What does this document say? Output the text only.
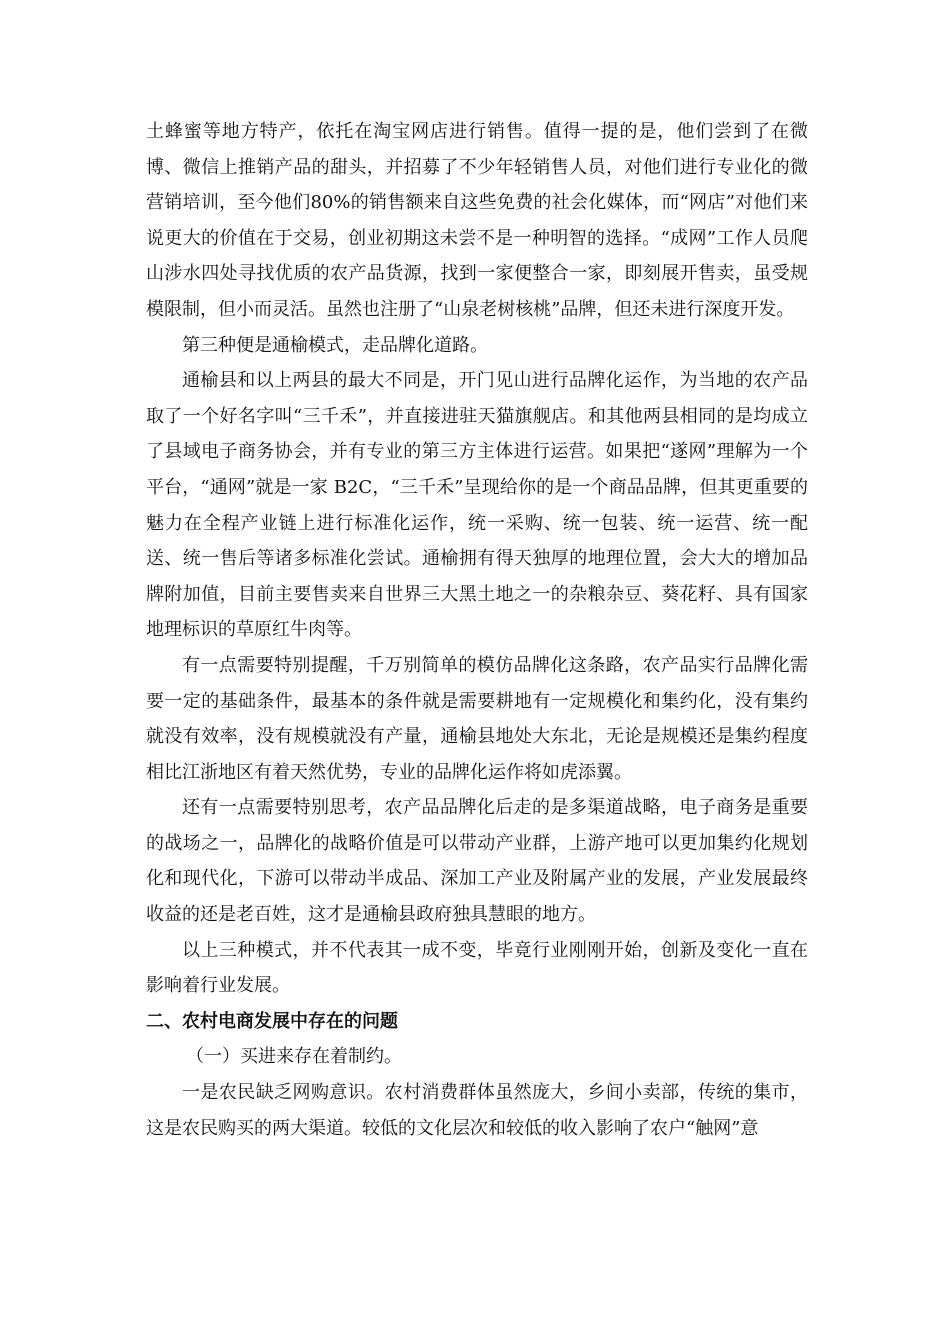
土蜂蜜等地方特产，依托在淘宝网店进行销售。值得一提的是，他们尝到了在微博、微信上推销产品的甜头，并招募了不少年轻销售人员，对他们进行专业化的微营销培训，至今他们80%的销售额来自这些免费的社会化媒体，而“网店”对他们来说更大的价值在于交易，创业初期这未尝不是一种明智的选择。“成网”工作人员爬山涉水四处寻找优质的农产品货源，找到一家便整合一家，即刻展开售卖，虽受规模限制，但小而灵活。虽然也注册了“山泉老树核桃”品牌，但还未进行深度开发。

第三种便是通榆模式，走品牌化道路。

通榆县和以上两县的最大不同是，开门见山进行品牌化运作，为当地的农产品取了一个好名字叫“三千禾”，并直接进驻天猫旗舰店。和其他两县相同的是均成立了县域电子商务协会，并有专业的第三方主体进行运营。如果把“遂网”理解为一个平台，“通网”就是一家 B2C，“三千禾”呈现给你的是一个商品品牌，但其更重要的魅力在全程产业链上进行标准化运作，统一采购、统一包装、统一运营、统一配送、统一售后等诸多标准化尝试。通榆拥有得天独厚的地理位置，会大大的增加品牌附加值，目前主要售卖来自世界三大黑土地之一的杂粮杂豆、葵花籽、具有国家地理标识的草原红牛肉等。

有一点需要特别提醒，千万别简单的模仿品牌化这条路，农产品实行品牌化需要一定的基础条件，最基本的条件就是需要耕地有一定规模化和集约化，没有集约就没有效率，没有规模就没有产量，通榆县地处大东北，无论是规模还是集约程度相比江浙地区有着天然优势，专业的品牌化运作将如虎添翼。

还有一点需要特别思考，农产品品牌化后走的是多渠道战略，电子商务是重要的战场之一，品牌化的战略价值是可以带动产业群，上游产地可以更加集约化规划化和现代化，下游可以带动半成品、深加工产业及附属产业的发展，产业发展最终收益的还是老百姓，这才是通榆县政府独具慧眼的地方。

以上三种模式，并不代表其一成不变，毕竟行业刚刚开始，创新及变化一直在影响着行业发展。

二、农村电商发展中存在的问题

（一）买进来存在着制约。

一是农民缺乏网购意识。农村消费群体虽然庞大，乡间小卖部，传统的集市，这是农民购买的两大渠道。较低的文化层次和较低的收入影响了农户“触网”意
